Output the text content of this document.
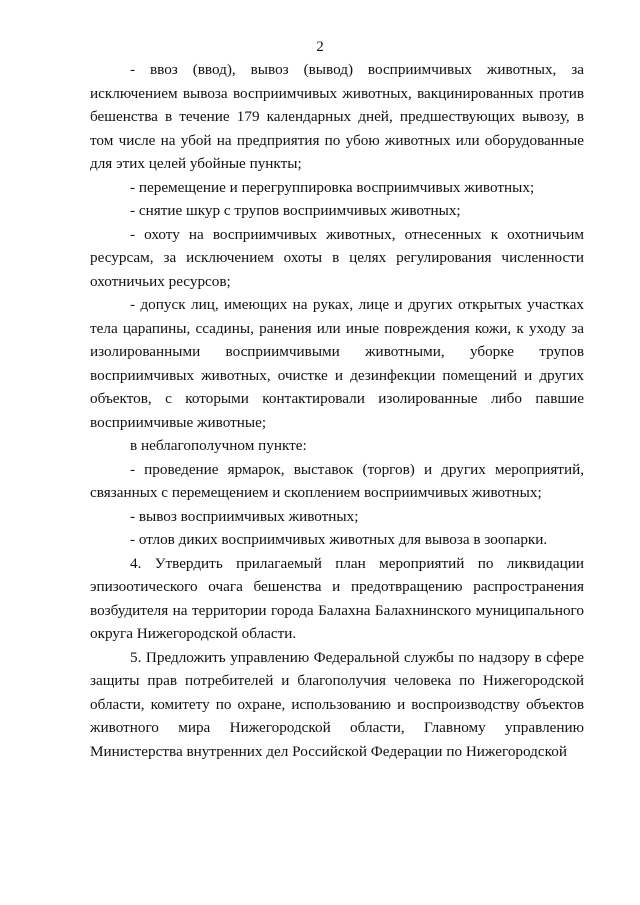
2

- ввоз (ввод), вывоз (вывод) восприимчивых животных, за исключением вывоза восприимчивых животных, вакцинированных против бешенства в течение 179 календарных дней, предшествующих вывозу, в том числе на убой на предприятия по убою животных или оборудованные для этих целей убойные пункты;

- перемещение и перегруппировка восприимчивых животных;

- снятие шкур с трупов восприимчивых животных;

- охоту на восприимчивых животных, отнесенных к охотничьим ресурсам, за исключением охоты в целях регулирования численности охотничьих ресурсов;

- допуск лиц, имеющих на руках, лице и других открытых участках тела царапины, ссадины, ранения или иные повреждения кожи, к уходу за изолированными восприимчивыми животными, уборке трупов восприимчивых животных, очистке и дезинфекции помещений и других объектов, с которыми контактировали изолированные либо павшие восприимчивые животные;

в неблагополучном пункте:

- проведение ярмарок, выставок (торгов) и других мероприятий, связанных с перемещением и скоплением восприимчивых животных;

- вывоз восприимчивых животных;

- отлов диких восприимчивых животных для вывоза в зоопарки.

4. Утвердить прилагаемый план мероприятий по ликвидации эпизоотического очага бешенства и предотвращению распространения возбудителя на территории города Балахна Балахнинского муниципального округа Нижегородской области.

5. Предложить управлению Федеральной службы по надзору в сфере защиты прав потребителей и благополучия человека по Нижегородской области, комитету по охране, использованию и воспроизводству объектов животного мира Нижегородской области, Главному управлению Министерства внутренних дел Российской Федерации по Нижегородской
